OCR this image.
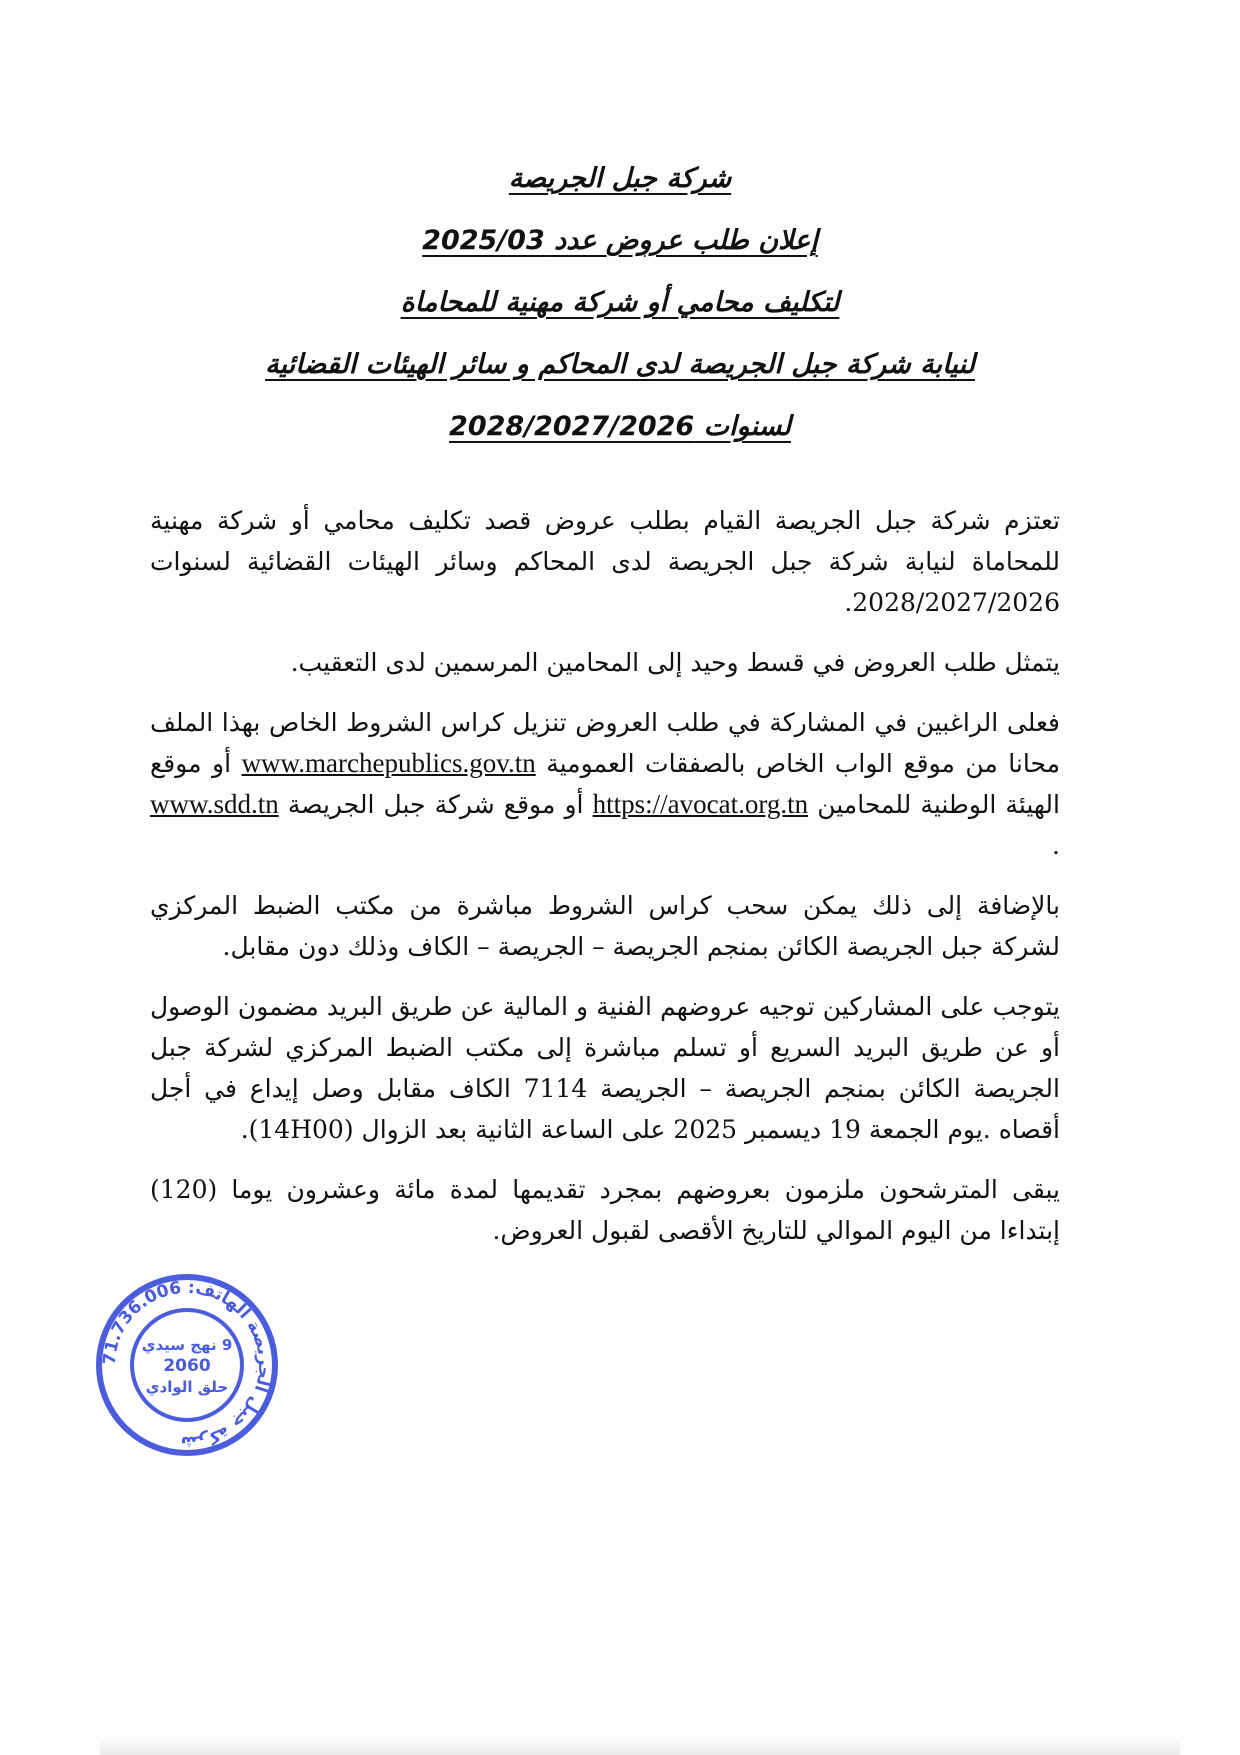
شركة جبل الجريصة
إعلان طلب عروض عدد 2025/03
لتكليف محامي أو شركة مهنية للمحاماة
لنيابة شركة جبل الجريصة لدى المحاكم و سائر الهيئات القضائية
لسنوات 2028/2027/2026

تعتزم شركة جبل الجريصة القيام بطلب عروض قصد تكليف محامي أو شركة مهنية للمحاماة لنيابة شركة جبل الجريصة لدى المحاكم وسائر الهيئات القضائية لسنوات 2028/2027/2026.

يتمثل طلب العروض في قسط وحيد إلى المحامين المرسمين لدى التعقيب.

فعلى الراغبين في المشاركة في طلب العروض تنزيل كراس الشروط الخاص بهذا الملف محانا من موقع الواب الخاص بالصفقات العمومية www.marchepublics.gov.tn أو موقع الهيئة الوطنية للمحامين https://avocat.org.tn أو موقع شركة جبل الجريصة www.sdd.tn .

بالإضافة إلى ذلك يمكن سحب كراس الشروط مباشرة من مكتب الضبط المركزي لشركة جبل الجريصة الكائن بمنجم الجريصة – الجريصة – الكاف وذلك دون مقابل.

يتوجب على المشاركين توجيه عروضهم الفنية و المالية عن طريق البريد مضمون الوصول أو عن طريق البريد السريع أو تسلم مباشرة إلى مكتب الضبط المركزي لشركة جبل الجريصة الكائن بمنجم الجريصة – الجريصة 7114 الكاف مقابل وصل إيداع في أجل أقصاه .يوم الجمعة 19 ديسمبر 2025 على الساعة الثانية بعد الزوال (14H00).

يبقى المترشحون ملزمون بعروضهم بمجرد تقديمها لمدة مائة وعشرون يوما (120) إبتداءا من اليوم الموالي للتاريخ الأقصى لقبول العروض.

شركة جبل الجريصة الهاتف: 71.736.006
9 نهج سيدي
2060
حلق الوادي
